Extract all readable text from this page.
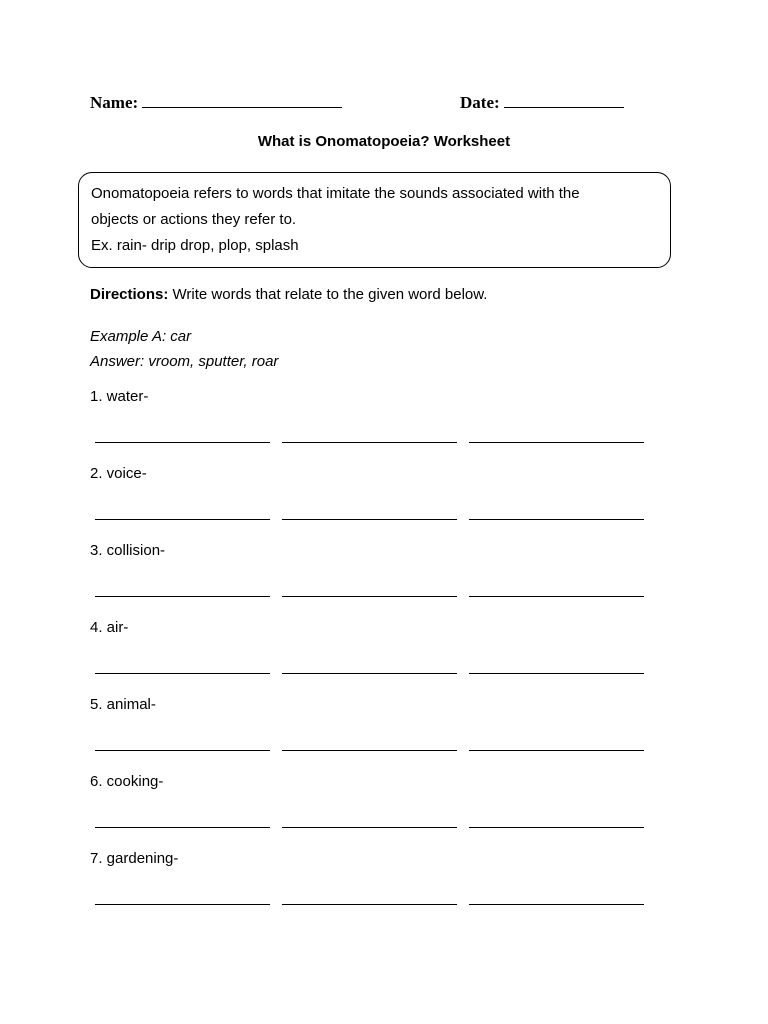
Name:	Date:
What is Onomatopoeia? Worksheet
Onomatopoeia refers to words that imitate the sounds associated with the
objects or actions they refer to.
Ex. rain- drip drop, plop, splash
Directions: Write words that relate to the given word below.
Example A: car
Answer: vroom, sputter, roar
1. water-
2. voice-
3. collision-
4. air-
5. animal-
6. cooking-
7. gardening-
